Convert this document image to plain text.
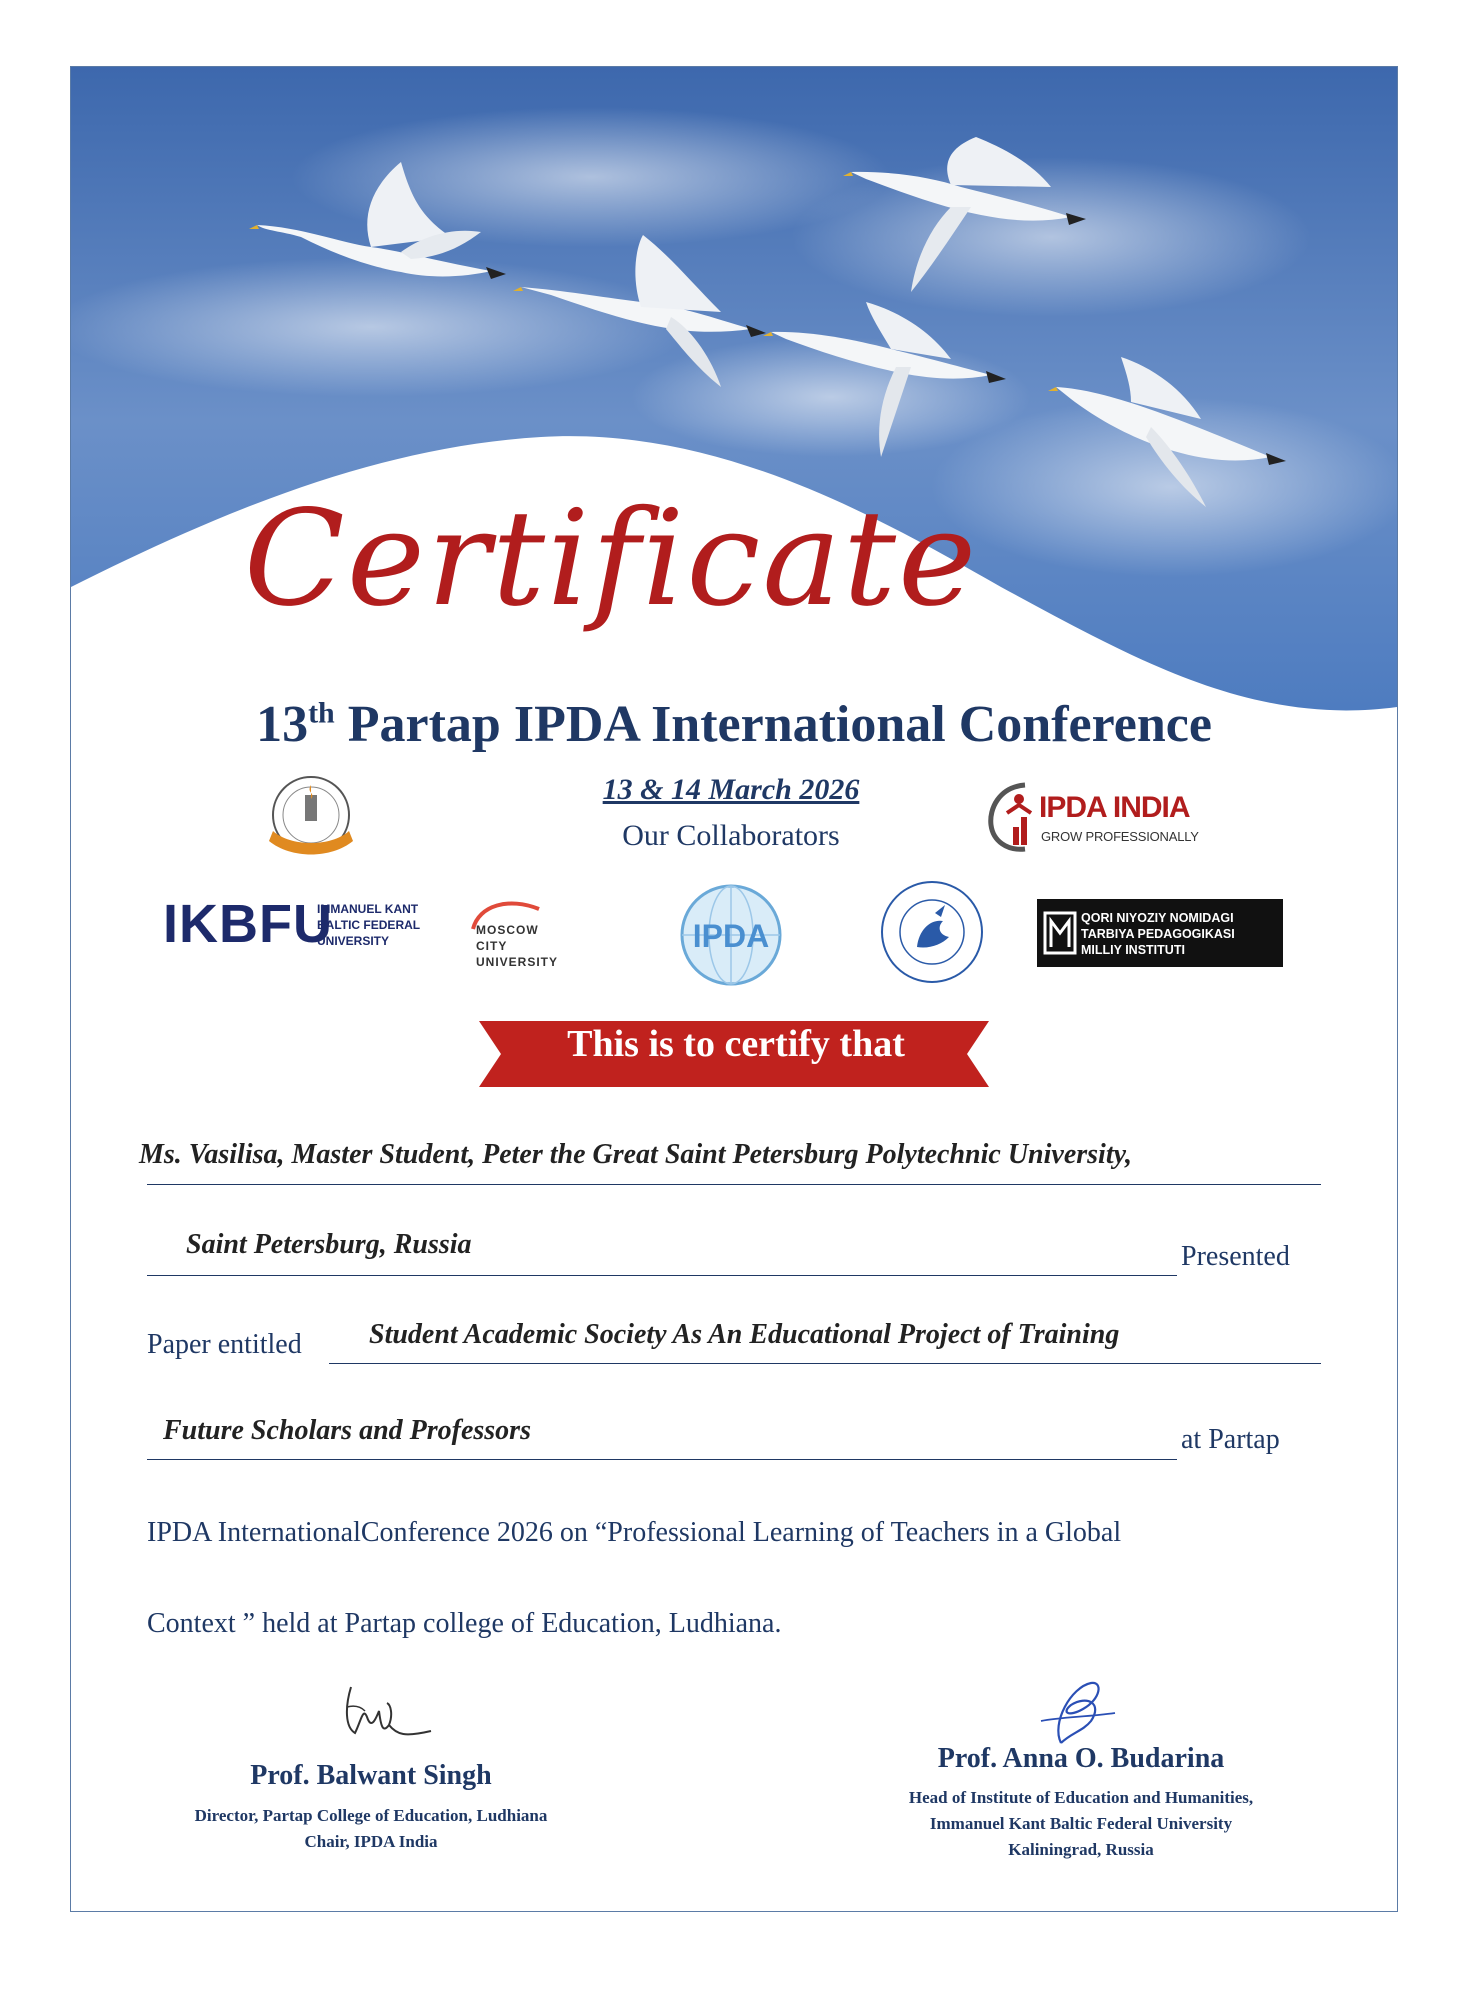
Certificate
13th Partap IPDA International Conference
13 & 14 March 2026
Our Collaborators
IPDA INDIA
GROW PROFESSIONALLY
IKBFU
IMMANUEL KANT
BALTIC FEDERAL
UNIVERSITY
MOSCOW
CITY
UNIVERSITY
IPDA	QORI NIYOZIY NOMIDAGI
TARBIYA PEDAGOGIKASI
MILLIY INSTITUTI
This is to certify that
Ms. Vasilisa, Master Student, Peter the Great Saint Petersburg Polytechnic University,
Saint Petersburg, Russia	Presented
Paper entitled Student Academic Society As An Educational Project of Training
Future Scholars and Professors	at Partap
IPDA InternationalConference 2026 on “Professional Learning of Teachers in a Global
Context ” held at Partap college of Education, Ludhiana.
Prof. Balwant Singh
Director, Partap College of Education, Ludhiana
Chair, IPDA India
Prof. Anna O. Budarina
Head of Institute of Education and Humanities,
Immanuel Kant Baltic Federal University
Kaliningrad, Russia
